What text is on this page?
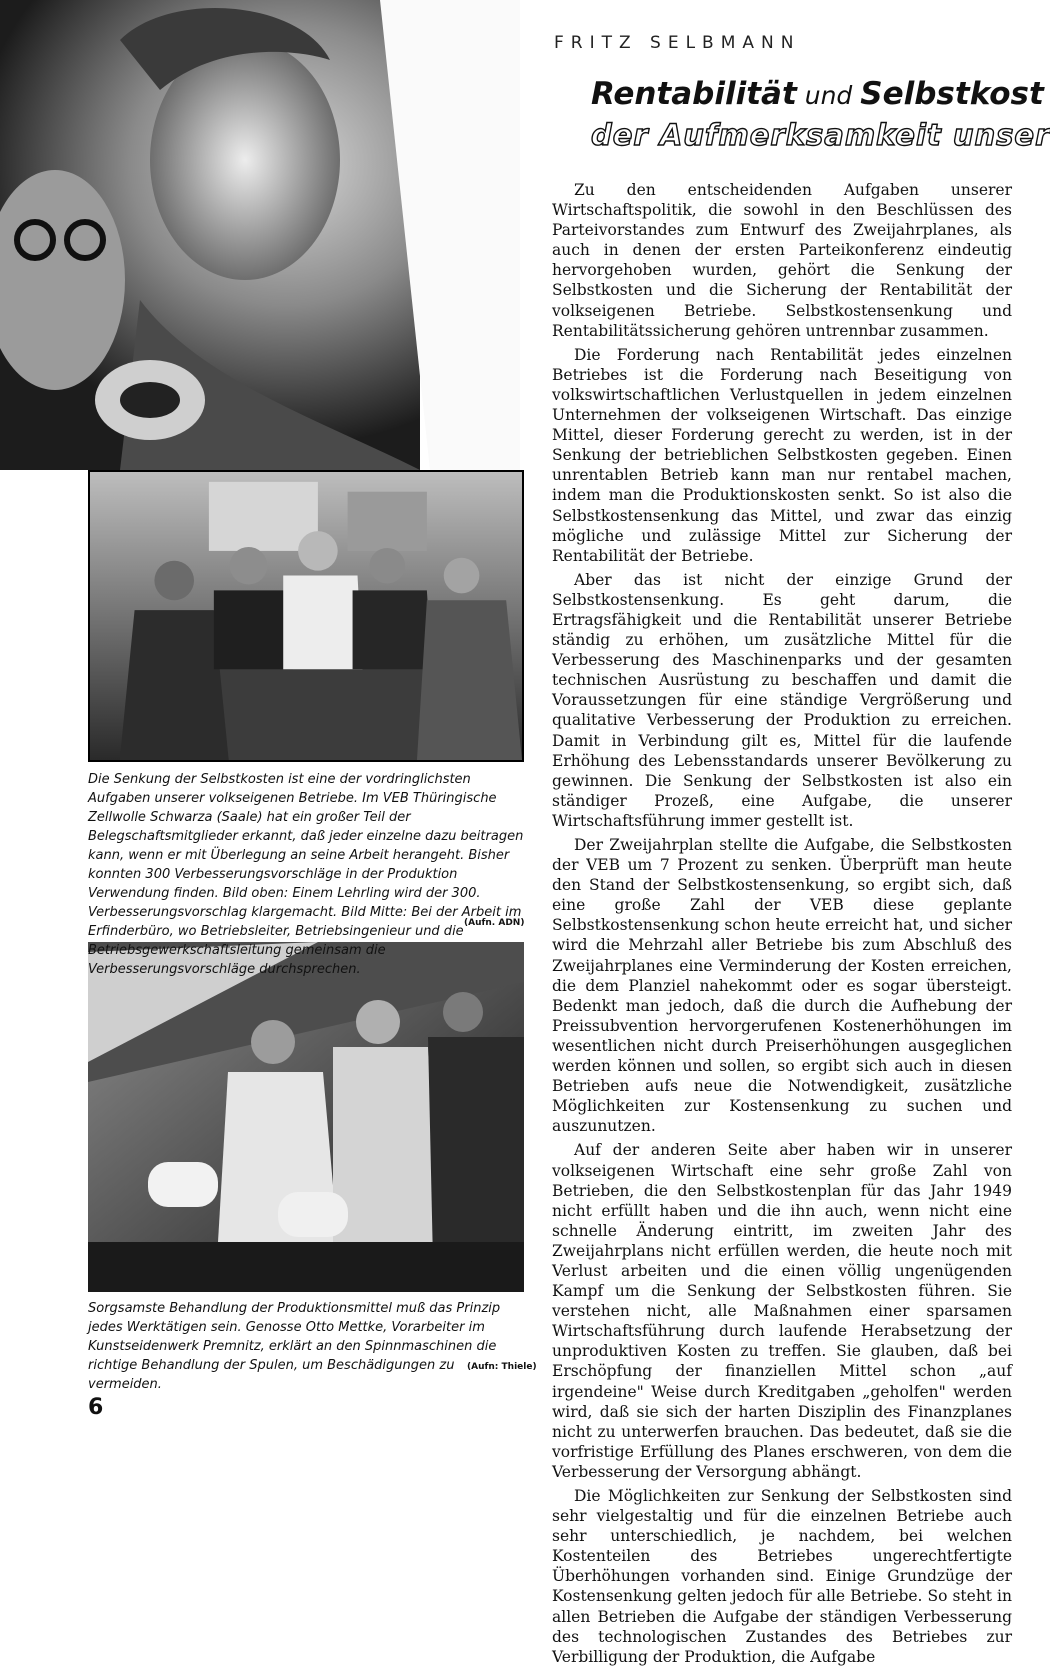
Die Senkung der Selbstkosten ist eine der vordringlichsten Aufgaben unserer volkseigenen Betriebe. Im VEB Thüringische Zellwolle Schwarza (Saale) hat ein großer Teil der Belegschaftsmitglieder erkannt, daß jeder einzelne dazu beitragen kann, wenn er mit Überlegung an seine Arbeit herangeht. Bisher konnten 300 Verbesserungsvorschläge in der Produktion Verwendung finden. Bild oben: Einem Lehrling wird der 300. Verbesserungsvorschlag klargemacht. Bild Mitte: Bei der Arbeit im Erfinderbüro, wo Betriebsleiter, Betriebsingenieur und die Betriebsgewerkschaftsleitung gemeinsam die Verbesserungsvorschläge durchsprechen.
(Aufn. ADN)
Sorgsamste Behandlung der Produktionsmittel muß das Prinzip jedes Werktätigen sein. Genosse Otto Mettke, Vorarbeiter im Kunstseidenwerk Premnitz, erklärt an den Spinnmaschinen die richtige Behandlung der Spulen, um Beschädigungen zu vermeiden.
(Aufn: Thiele)
FRITZ SELBMANN
Rentabilität und Selbstkost
der Aufmerksamkeit unser

Zu den entscheidenden Aufgaben unserer Wirtschaftspolitik, die sowohl in den Beschlüssen des Parteivorstandes zum Entwurf des Zweijahrplanes, als auch in denen der ersten Parteikonferenz eindeutig hervorgehoben wurden, gehört die Senkung der Selbstkosten und die Sicherung der Rentabilität der volkseigenen Betriebe. Selbstkostensenkung und Rentabilitätssicherung gehören untrennbar zusammen.

Die Forderung nach Rentabilität jedes einzelnen Betriebes ist die Forderung nach Beseitigung von volkswirtschaftlichen Verlustquellen in jedem einzelnen Unternehmen der volkseigenen Wirtschaft. Das einzige Mittel, dieser Forderung gerecht zu werden, ist in der Senkung der betrieblichen Selbstkosten gegeben. Einen unrentablen Betrieb kann man nur rentabel machen, indem man die Produktionskosten senkt. So ist also die Selbstkostensenkung das Mittel, und zwar das einzig mögliche und zulässige Mittel zur Sicherung der Rentabilität der Betriebe.

Aber das ist nicht der einzige Grund der Selbstkostensenkung. Es geht darum, die Ertragsfähigkeit und die Rentabilität unserer Betriebe ständig zu erhöhen, um zusätzliche Mittel für die Verbesserung des Maschinenparks und der gesamten technischen Ausrüstung zu beschaffen und damit die Voraussetzungen für eine ständige Vergrößerung und qualitative Verbesserung der Produktion zu erreichen. Damit in Verbindung gilt es, Mittel für die laufende Erhöhung des Lebensstandards unserer Bevölkerung zu gewinnen. Die Senkung der Selbstkosten ist also ein ständiger Prozeß, eine Aufgabe, die unserer Wirtschaftsführung immer gestellt ist.

Der Zweijahrplan stellte die Aufgabe, die Selbstkosten der VEB um 7 Prozent zu senken. Überprüft man heute den Stand der Selbstkostensenkung, so ergibt sich, daß eine große Zahl der VEB diese geplante Selbstkostensenkung schon heute erreicht hat, und sicher wird die Mehrzahl aller Betriebe bis zum Abschluß des Zweijahrplanes eine Verminderung der Kosten erreichen, die dem Planziel nahekommt oder es sogar übersteigt. Bedenkt man jedoch, daß die durch die Aufhebung der Preissubvention hervorgerufenen Kostenerhöhungen im wesentlichen nicht durch Preiserhöhungen ausgeglichen werden können und sollen, so ergibt sich auch in diesen Betrieben aufs neue die Notwendigkeit, zusätzliche Möglichkeiten zur Kostensenkung zu suchen und auszunutzen.

Auf der anderen Seite aber haben wir in unserer volkseigenen Wirtschaft eine sehr große Zahl von Betrieben, die den Selbstkostenplan für das Jahr 1949 nicht erfüllt haben und die ihn auch, wenn nicht eine schnelle Änderung eintritt, im zweiten Jahr des Zweijahrplans nicht erfüllen werden, die heute noch mit Verlust arbeiten und die einen völlig ungenügenden Kampf um die Senkung der Selbstkosten führen. Sie verstehen nicht, alle Maßnahmen einer sparsamen Wirtschaftsführung durch laufende Herabsetzung der unproduktiven Kosten zu treffen. Sie glauben, daß bei Erschöpfung der finanziellen Mittel schon „auf irgendeine" Weise durch Kreditgaben „geholfen" werden wird, daß sie sich der harten Disziplin des Finanzplanes nicht zu unterwerfen brauchen. Das bedeutet, daß sie die vorfristige Erfüllung des Planes erschweren, von dem die Verbesserung der Versorgung abhängt.

Die Möglichkeiten zur Senkung der Selbstkosten sind sehr vielgestaltig und für die einzelnen Betriebe auch sehr unterschiedlich, je nachdem, bei welchen Kostenteilen des Betriebes ungerechtfertigte Überhöhungen vorhanden sind. Einige Grundzüge der Kostensenkung gelten jedoch für alle Betriebe. So steht in allen Betrieben die Aufgabe der ständigen Verbesserung des technologischen Zustandes des Betriebes zur Verbilligung der Produktion, die Aufgabe

6
